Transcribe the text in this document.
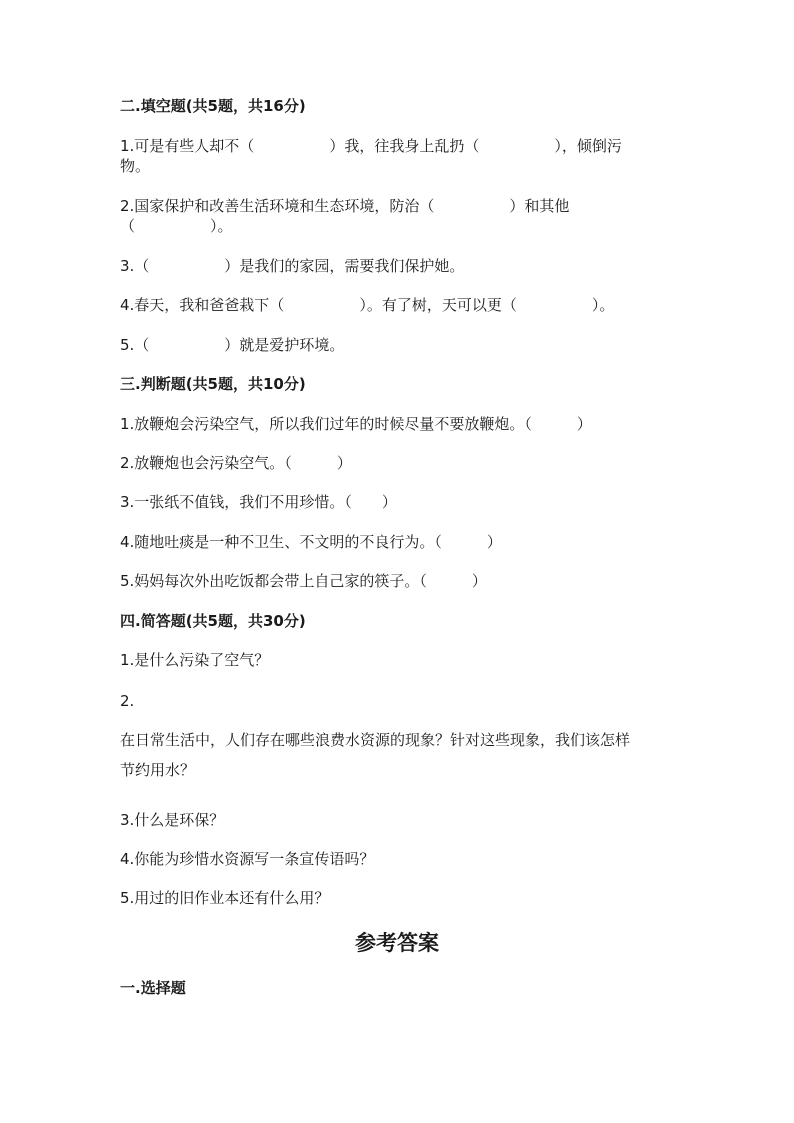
二.填空题(共5题，共16分)
1.可是有些人却不（　　　　　）我，往我身上乱扔（　　　　　），倾倒污
物。
2.国家保护和改善生活环境和生态环境，防治（　　　　　）和其他
（　　　　　）。
3.（　　　　　）是我们的家园，需要我们保护她。
4.春天，我和爸爸栽下（　　　　　）。有了树，天可以更（　　　　　）。
5.（　　　　　）就是爱护环境。
三.判断题(共5题，共10分)
1.放鞭炮会污染空气，所以我们过年的时候尽量不要放鞭炮。（　　　）
2.放鞭炮也会污染空气。（　　　）
3.一张纸不值钱，我们不用珍惜。（　　）
4.随地吐痰是一种不卫生、不文明的不良行为。（　　　）
5.妈妈每次外出吃饭都会带上自己家的筷子。（　　　）
四.简答题(共5题，共30分)
1.是什么污染了空气？
2.
在日常生活中，人们存在哪些浪费水资源的现象？针对这些现象，我们该怎样
节约用水？
3.什么是环保？
4.你能为珍惜水资源写一条宣传语吗？
5.用过的旧作业本还有什么用？
参考答案
一.选择题
